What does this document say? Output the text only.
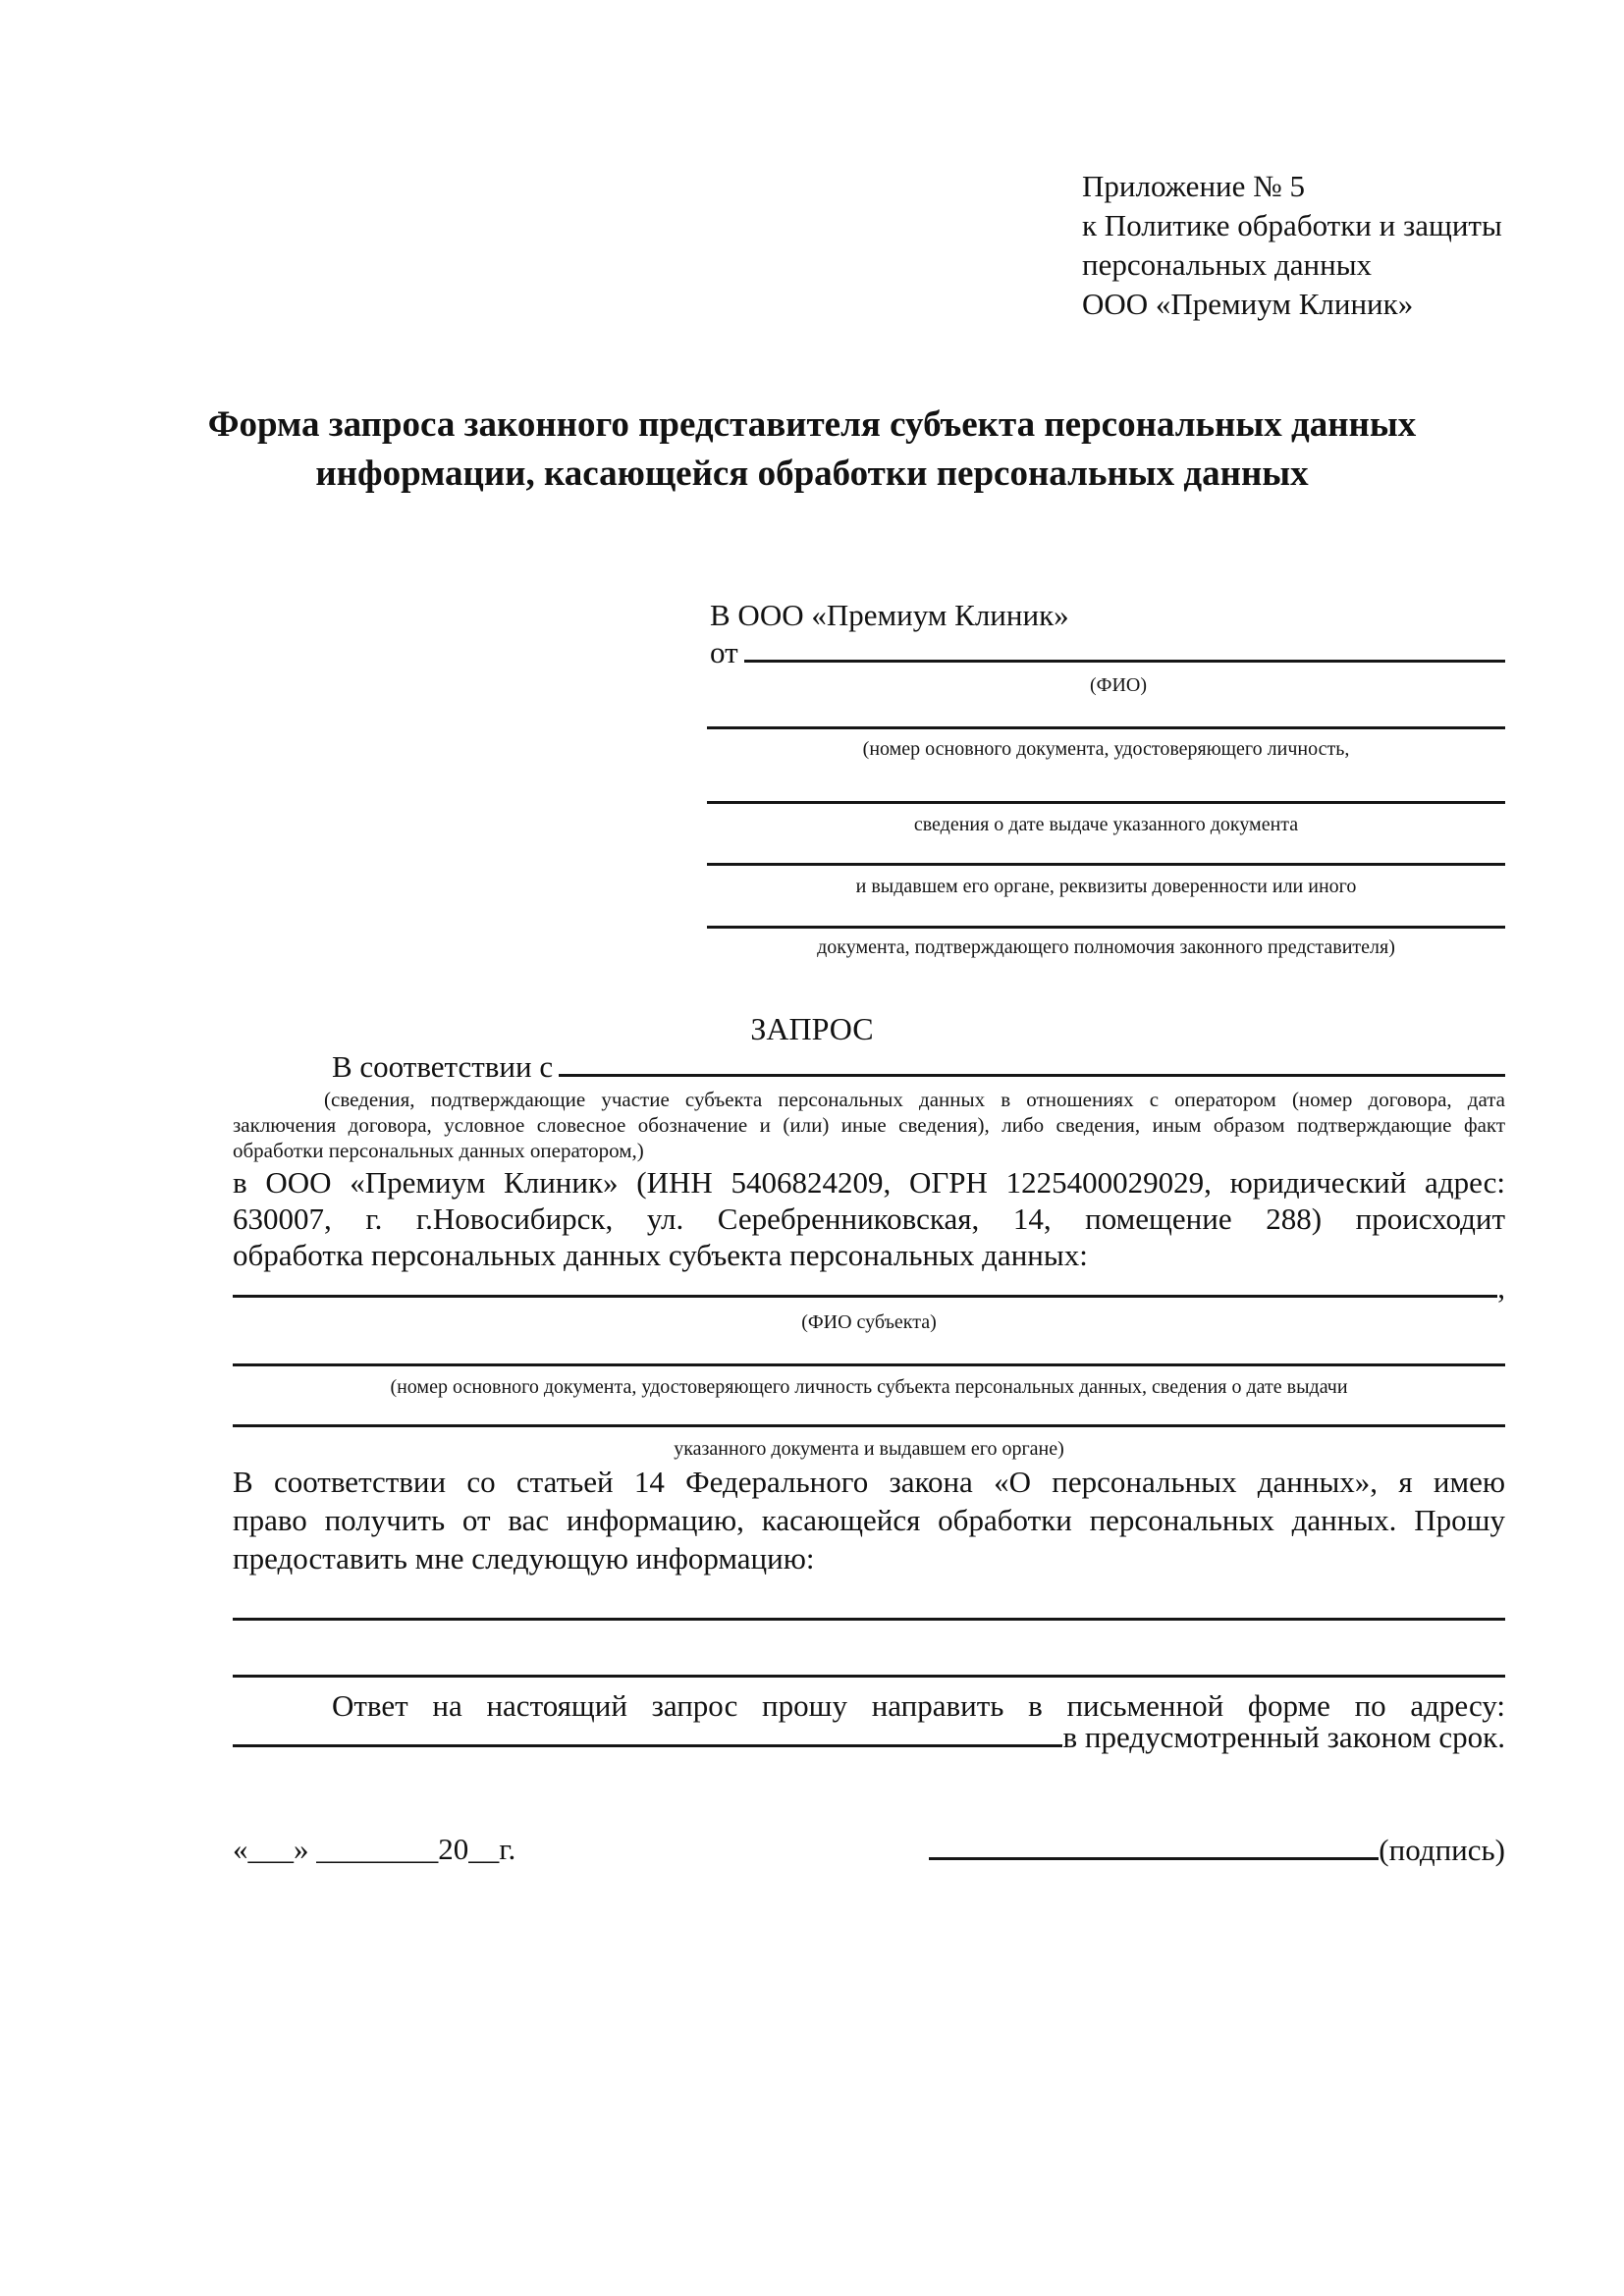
Приложение № 5
к Политике обработки и защиты
персональных данных
ООО «Премиум Клиник»
Форма запроса законного представителя субъекта персональных данных
информации, касающейся обработки персональных данных
В ООО «Премиум Клиник»
от
(ФИО)
(номер основного документа, удостоверяющего личность,
сведения о дате выдаче указанного документа
и выдавшем его органе, реквизиты доверенности или иного
документа, подтверждающего полномочия законного представителя)
ЗАПРОС
В соответствии с
(сведения, подтверждающие участие субъекта персональных данных в отношениях с оператором (номер договора, дата
заключения договора, условное словесное обозначение и (или) иные сведения), либо сведения, иным образом подтверждающие факт
обработки персональных данных оператором,)
в ООО «Премиум Клиник» (ИНН 5406824209, ОГРН 1225400029029, юридический адрес:
630007, г. г.Новосибирск, ул. Серебренниковская, 14, помещение 288) происходит
обработка персональных данных субъекта персональных данных:
,
(ФИО субъекта)
(номер основного документа, удостоверяющего личность субъекта персональных данных, сведения о дате выдачи
указанного документа и выдавшем его органе)
В соответствии со статьей 14 Федерального закона «О персональных данных», я имею
право получить от вас информацию, касающейся обработки персональных данных. Прошу
предоставить мне следующую информацию:
Ответ на настоящий запрос прошу направить в письменной форме по адресу:
в предусмотренный законом срок.
«___» ________20__г.	(подпись)
